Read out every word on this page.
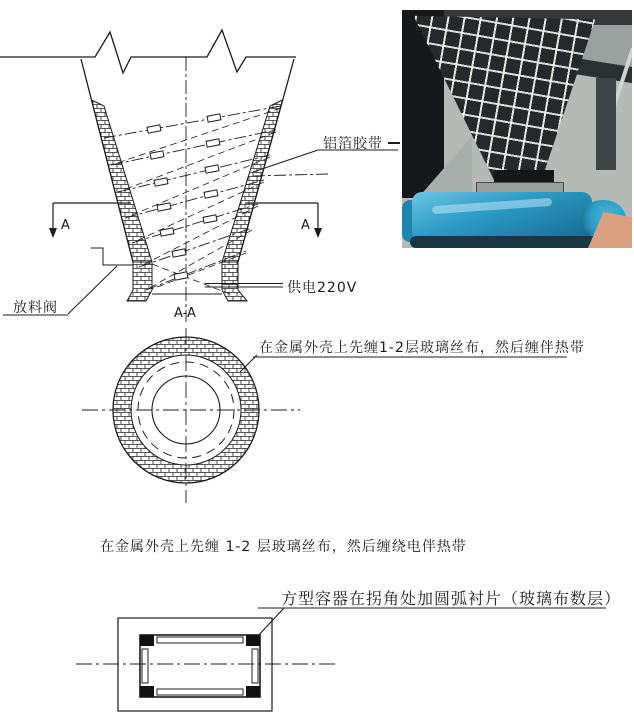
铝箔胶带
供电220V
放料阀
A	A
A-A
在金属外壳上先缠1-2层玻璃丝布，然后缠伴热带
在金属外壳上先缠 1-2 层玻璃丝布，然后缠绕电伴热带
方型容器在拐角处加圆弧衬片（玻璃布数层）
